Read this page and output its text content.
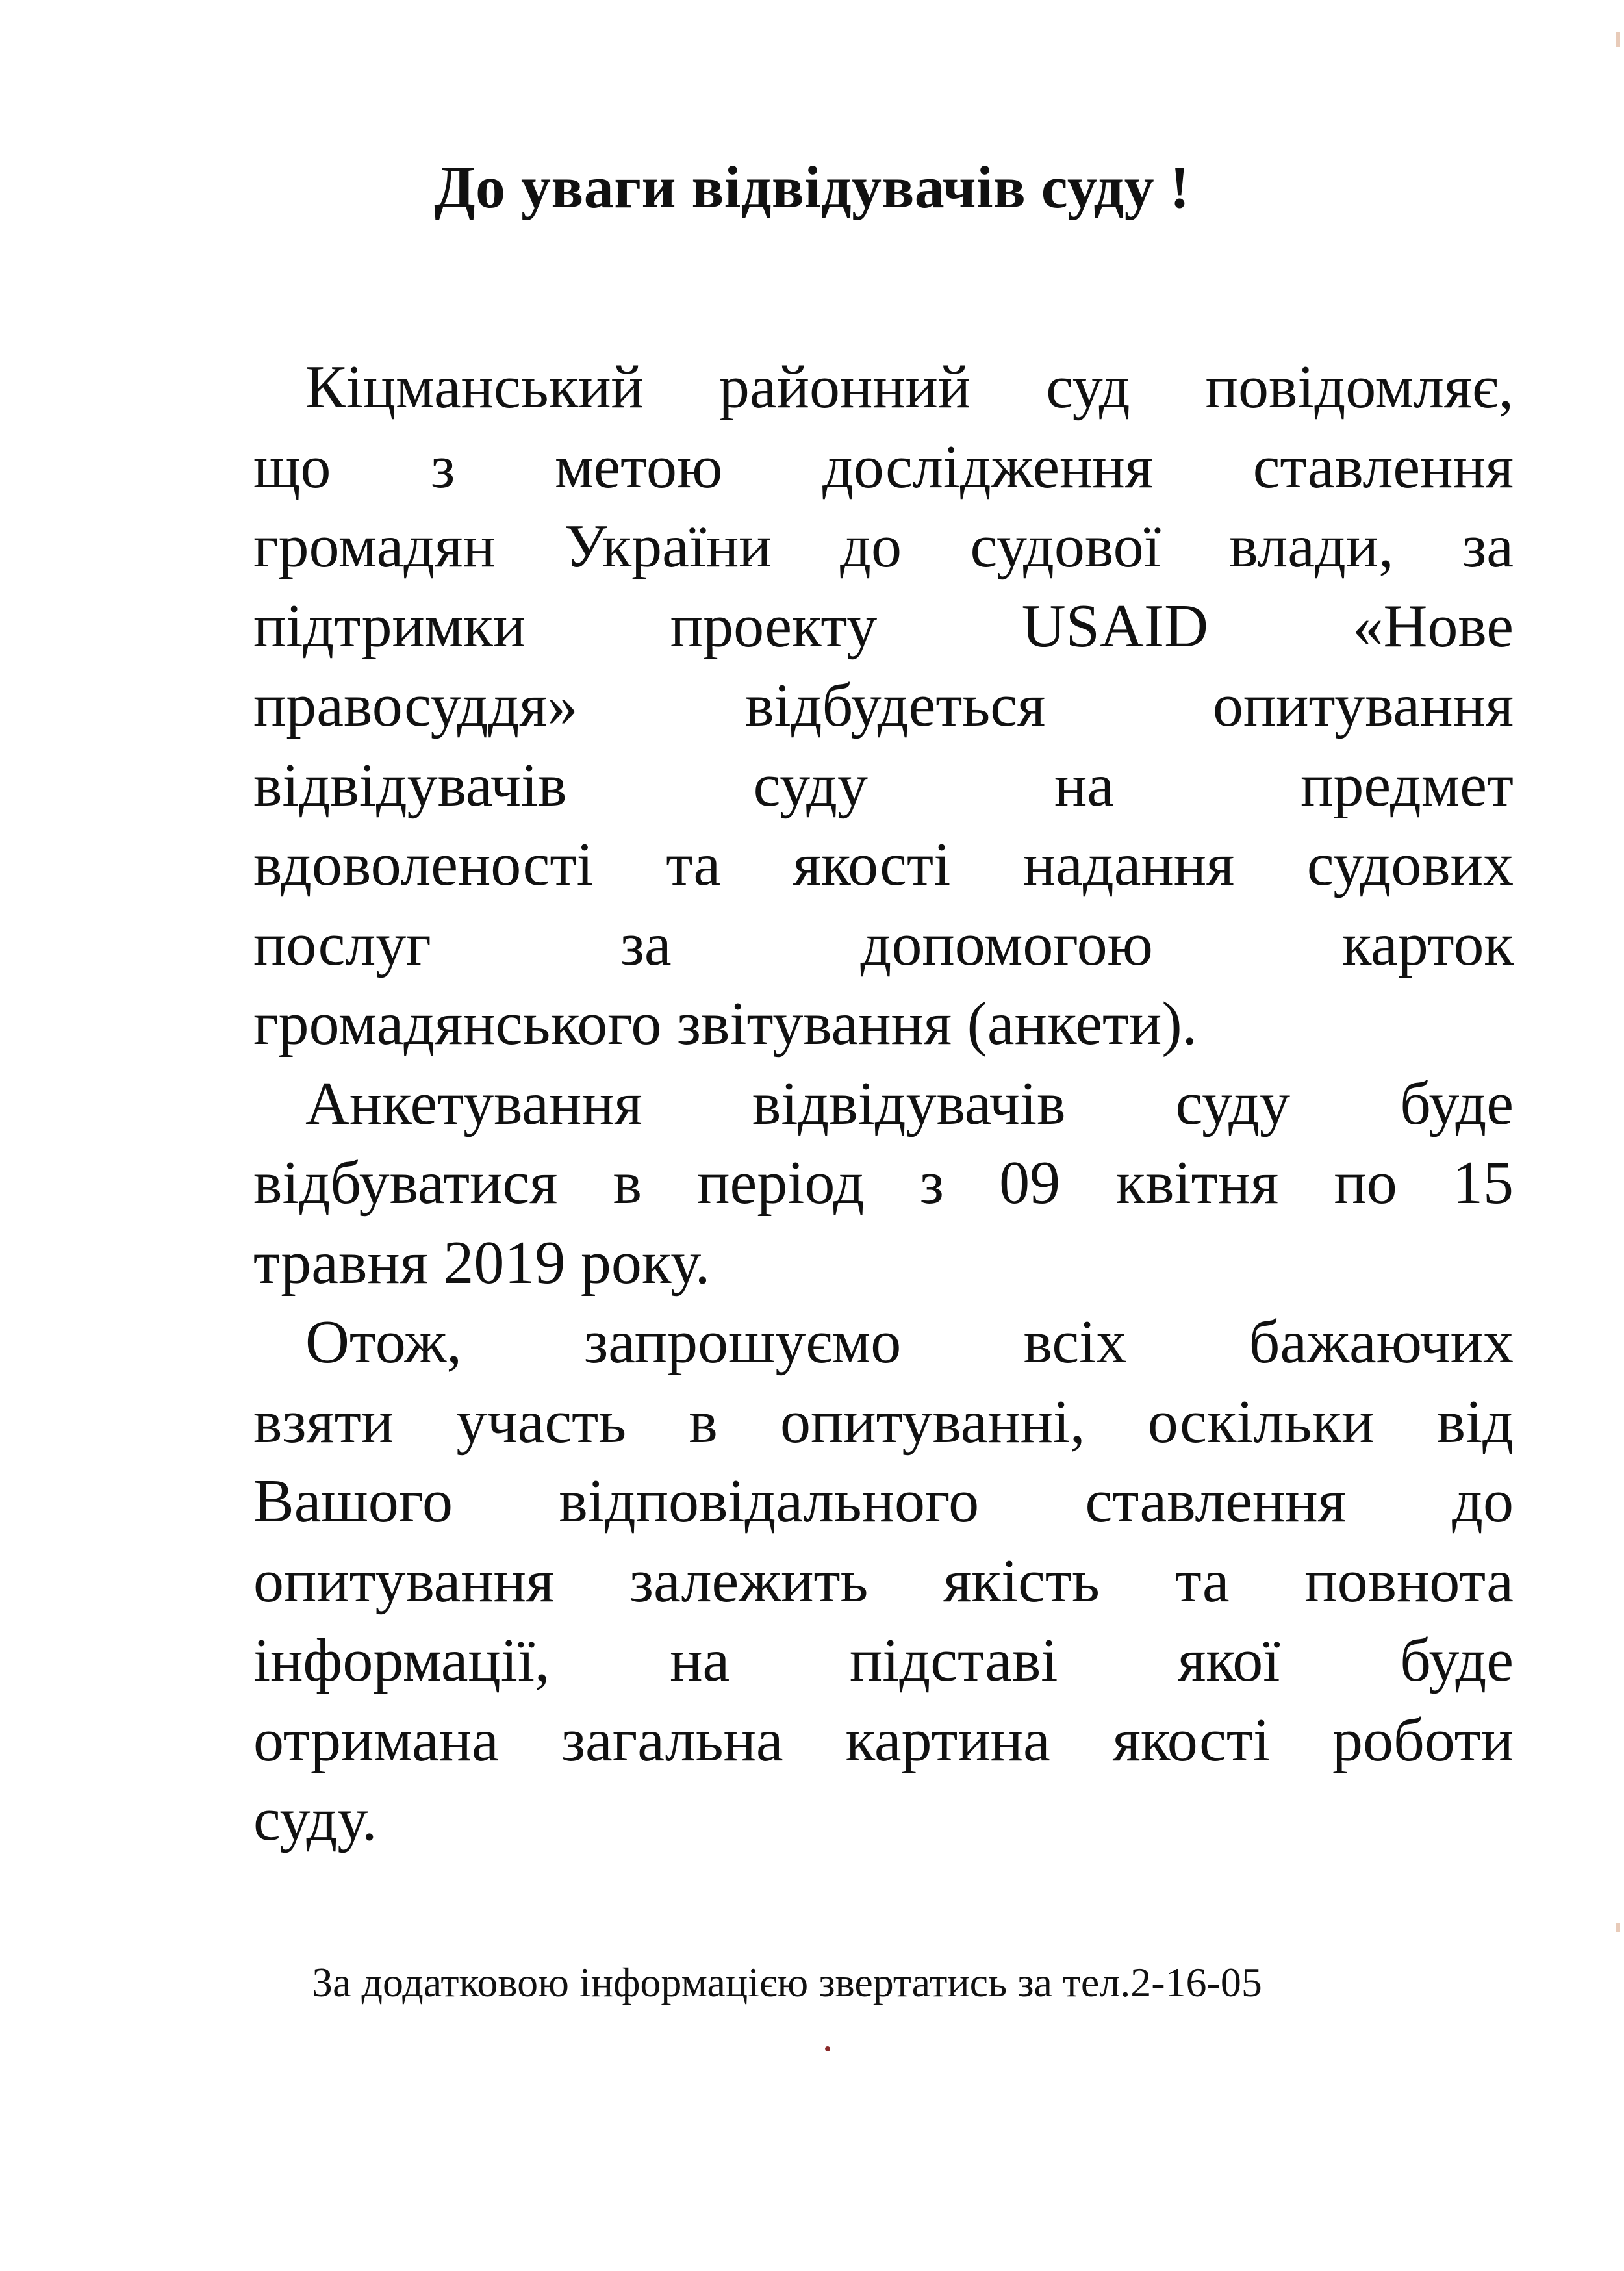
До уваги відвідувачів суду !

Кіцманський районний суд повідомляє,
що з метою дослідження ставлення
громадян України до судової влади, за
підтримки проекту USAID «Нове
правосуддя» відбудеться опитування
відвідувачів суду на предмет
вдоволеності та якості надання судових
послуг за допомогою карток
громадянського звітування (анкети).

Анкетування відвідувачів суду буде
відбуватися в період з 09 квітня по 15
травня 2019 року.

Отож, запрошуємо всіх бажаючих
взяти участь в опитуванні, оскільки від
Вашого відповідального ставлення до
опитування залежить якість та повнота
інформації, на підставі якої буде
отримана загальна картина якості роботи
суду.

За додатковою інформацією звертатись за тел.2-16-05
